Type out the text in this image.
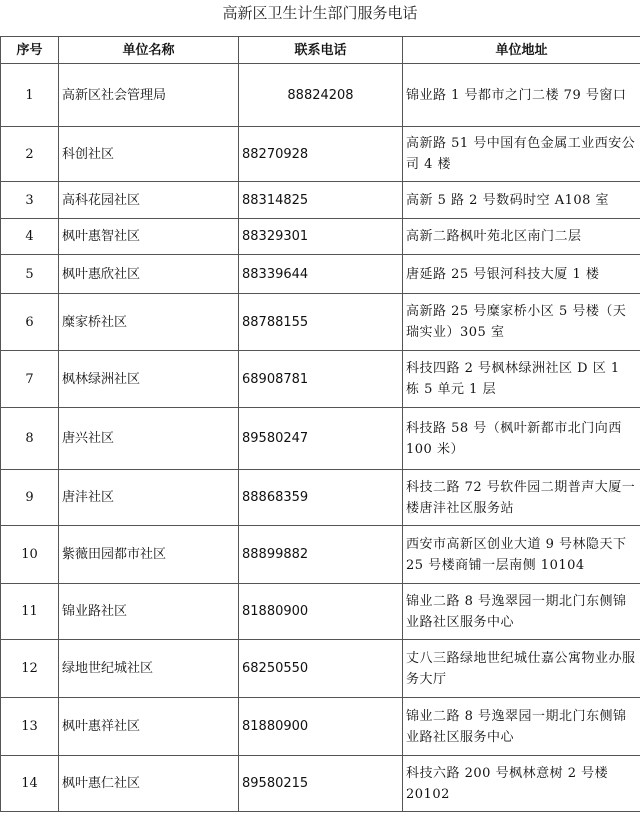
高新区卫生计生部门服务电话
序号	单位名称	联系电话	单位地址
1	高新区社会管理局	88824208	锦业路 1 号都市之门二楼 79 号窗口
2	科创社区	88270928	高新路 51 号中国有色金属工业西安公司 4 楼
3	高科花园社区	88314825	高新 5 路 2 号数码时空 A108 室
4	枫叶惠智社区	88329301	高新二路枫叶苑北区南门二层
5	枫叶惠欣社区	88339644	唐延路 25 号银河科技大厦 1 楼
6	糜家桥社区	88788155	高新路 25 号糜家桥小区 5 号楼（天瑞实业）305 室
7	枫林绿洲社区	68908781	科技四路 2 号枫林绿洲社区 D 区 1 栋 5 单元 1 层
8	唐兴社区	89580247	科技路 58 号（枫叶新都市北门向西 100 米）
9	唐沣社区	88868359	科技二路 72 号软件园二期普声大厦一楼唐沣社区服务站
10	紫薇田园都市社区	88899882	西安市高新区创业大道 9 号林隐天下 25 号楼商铺一层南侧 10104
11	锦业路社区	81880900	锦业二路 8 号逸翠园一期北门东侧锦业路社区服务中心
12	绿地世纪城社区	68250550	丈八三路绿地世纪城仕嘉公寓物业办服务大厅
13	枫叶惠祥社区	81880900	锦业二路 8 号逸翠园一期北门东侧锦业路社区服务中心
14	枫叶惠仁社区	89580215	科技六路 200 号枫林意树 2 号楼 20102
